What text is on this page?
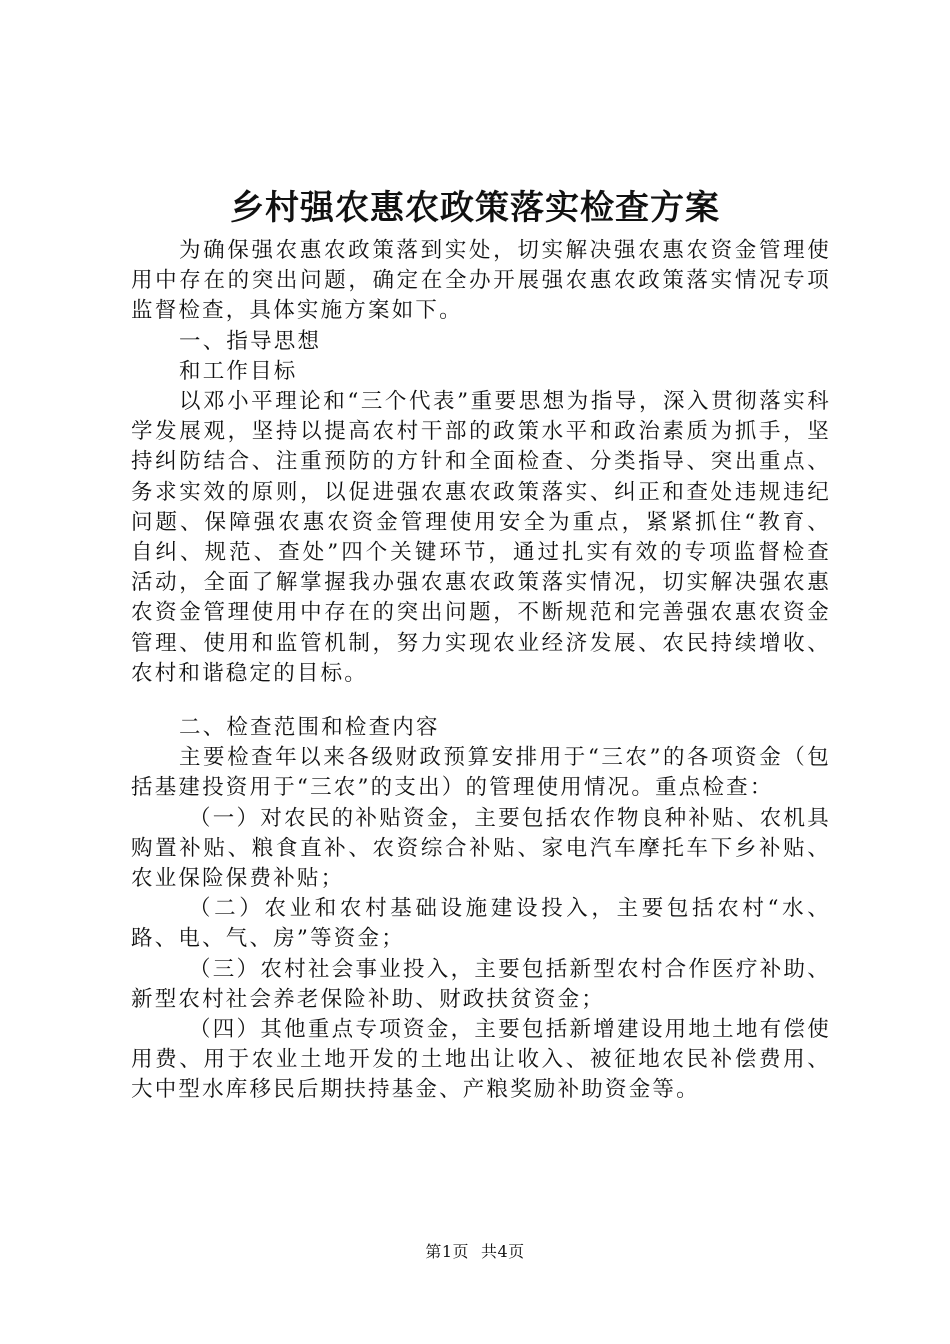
乡村强农惠农政策落实检查方案

为确保强农惠农政策落到实处，切实解决强农惠农资金管理使用中存在的突出问题，确定在全办开展强农惠农政策落实情况专项监督检查，具体实施方案如下。

一、指导思想

和工作目标

以邓小平理论和“三个代表”重要思想为指导，深入贯彻落实科学发展观，坚持以提高农村干部的政策水平和政治素质为抓手，坚持纠防结合、注重预防的方针和全面检查、分类指导、突出重点、务求实效的原则，以促进强农惠农政策落实、纠正和查处违规违纪问题、保障强农惠农资金管理使用安全为重点，紧紧抓住“教育、自纠、规范、查处”四个关键环节，通过扎实有效的专项监督检查活动，全面了解掌握我办强农惠农政策落实情况，切实解决强农惠农资金管理使用中存在的突出问题，不断规范和完善强农惠农资金管理、使用和监管机制，努力实现农业经济发展、农民持续增收、农村和谐稳定的目标。

二、检查范围和检查内容

主要检查年以来各级财政预算安排用于“三农”的各项资金（包括基建投资用于“三农”的支出）的管理使用情况。重点检查：

（一）对农民的补贴资金，主要包括农作物良种补贴、农机具购置补贴、粮食直补、农资综合补贴、家电汽车摩托车下乡补贴、农业保险保费补贴；

（二）农业和农村基础设施建设投入，主要包括农村“水、路、电、气、房”等资金；

（三）农村社会事业投入，主要包括新型农村合作医疗补助、新型农村社会养老保险补助、财政扶贫资金；

（四）其他重点专项资金，主要包括新增建设用地土地有偿使用费、用于农业土地开发的土地出让收入、被征地农民补偿费用、大中型水库移民后期扶持基金、产粮奖励补助资金等。

第1页 共4页
